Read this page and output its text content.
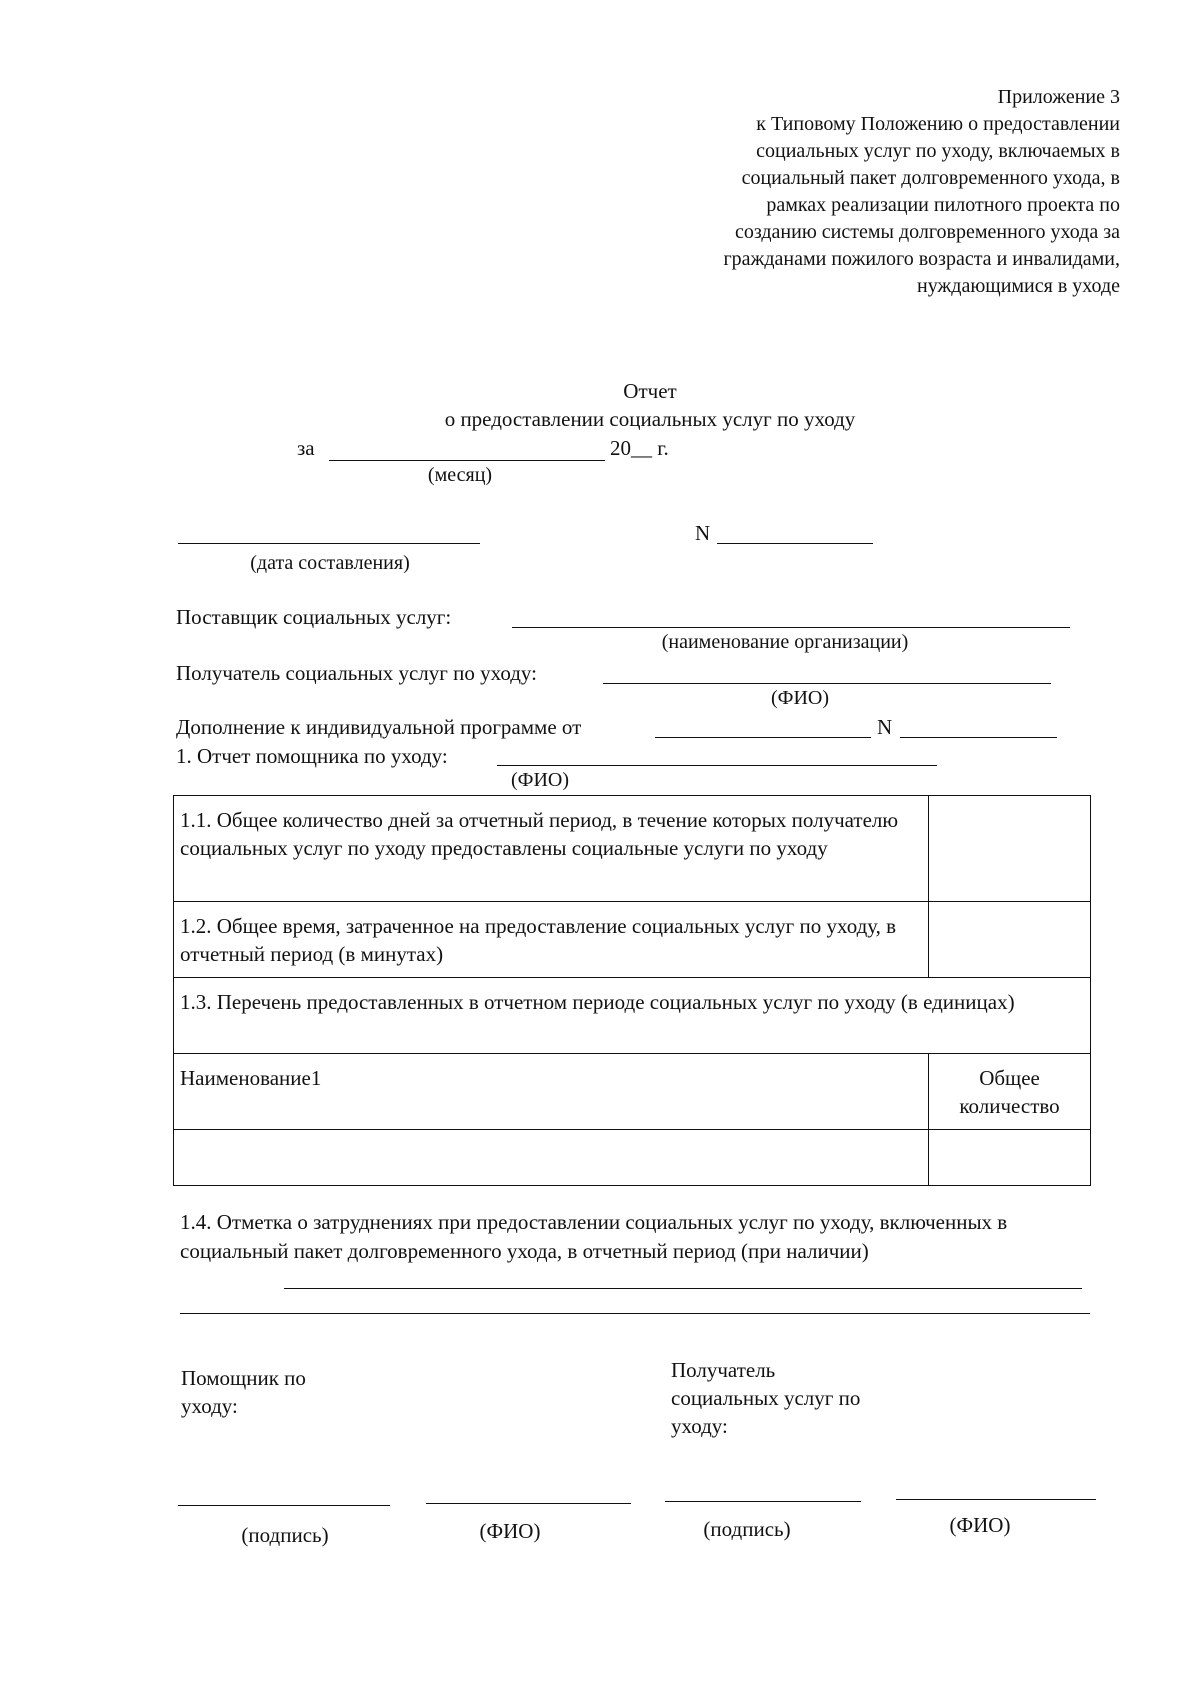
Приложение 3
к Типовому Положению о предоставлении
социальных услуг по уходу, включаемых в
социальный пакет долговременного ухода, в
рамках реализации пилотного проекта по
созданию системы долговременного ухода за
гражданами пожилого возраста и инвалидами,
нуждающимися в уходе
Отчет
о предоставлении социальных услуг по уходу
за	20__ г.
(месяц)
(дата составления)
N
Поставщик социальных услуг:
(наименование организации)
Получатель социальных услуг по уходу:
(ФИО)
Дополнение к индивидуальной программе от	N
1. Отчет помощника по уходу:
(ФИО)
1.1. Общее количество дней за отчетный период, в течение которых получателю социальных услуг по уходу предоставлены социальные услуги по уходу	
1.2. Общее время, затраченное на предоставление социальных услуг по уходу, в отчетный период (в минутах)	
1.3. Перечень предоставленных в отчетном периоде социальных услуг по уходу (в единицах)	
Наименование1	Общее количество

1.4. Отметка о затруднениях при предоставлении социальных услуг по уходу, включенных в социальный пакет долговременного ухода, в отчетный период (при наличии)
Помощник по уходу:
Получатель социальных услуг по уходу:
(подпись)	(ФИО)	(подпись)	(ФИО)
